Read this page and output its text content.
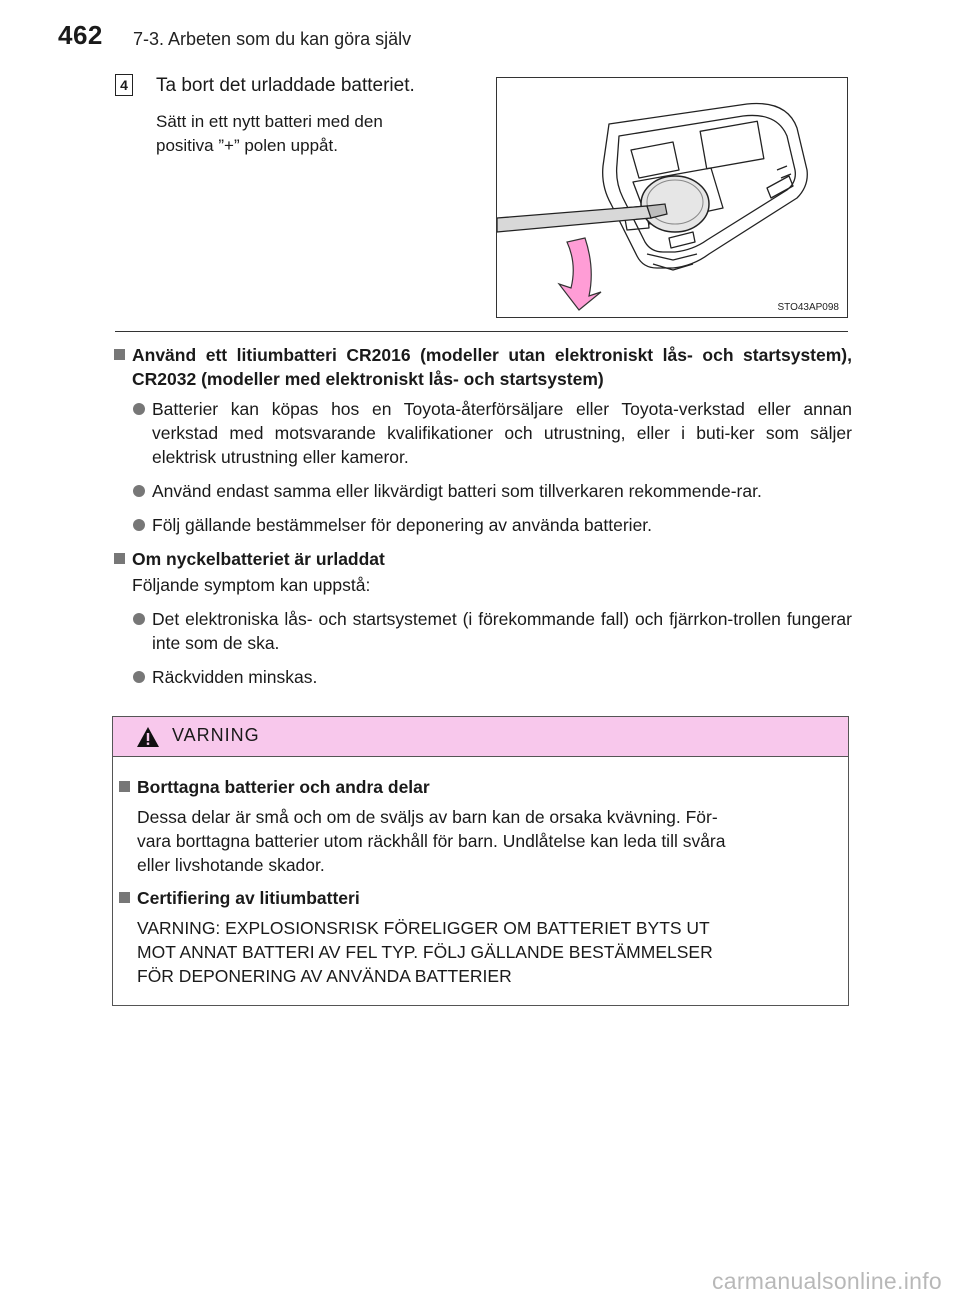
462 7-3. Arbeten som du kan göra själv
4 Ta bort det urladdade batteriet.
Sätt in ett nytt batteri med den
positiva ”+” polen uppåt.
STO43AP098
Använd ett litiumbatteri CR2016 (modeller utan elektroniskt lås- och startsystem), CR2032 (modeller med elektroniskt lås- och startsystem)
Batterier kan köpas hos en Toyota-återförsäljare eller Toyota-verkstad eller annan verkstad med motsvarande kvalifikationer och utrustning, eller i buti-ker som säljer elektrisk utrustning eller kameror.
Använd endast samma eller likvärdigt batteri som tillverkaren rekommende-rar.
Följ gällande bestämmelser för deponering av använda batterier.
Om nyckelbatteriet är urladdat
Följande symptom kan uppstå:
Det elektroniska lås- och startsystemet (i förekommande fall) och fjärrkon-trollen fungerar inte som de ska.
Räckvidden minskas.
VARNING
Borttagna batterier och andra delar
Dessa delar är små och om de sväljs av barn kan de orsaka kvävning. För-
vara borttagna batterier utom räckhåll för barn. Undlåtelse kan leda till svåra
eller livshotande skador.
Certifiering av litiumbatteri
VARNING: EXPLOSIONSRISK FÖRELIGGER OM BATTERIET BYTS UT
MOT ANNAT BATTERI AV FEL TYP. FÖLJ GÄLLANDE BESTÄMMELSER
FÖR DEPONERING AV ANVÄNDA BATTERIER
carmanualsonline.info
